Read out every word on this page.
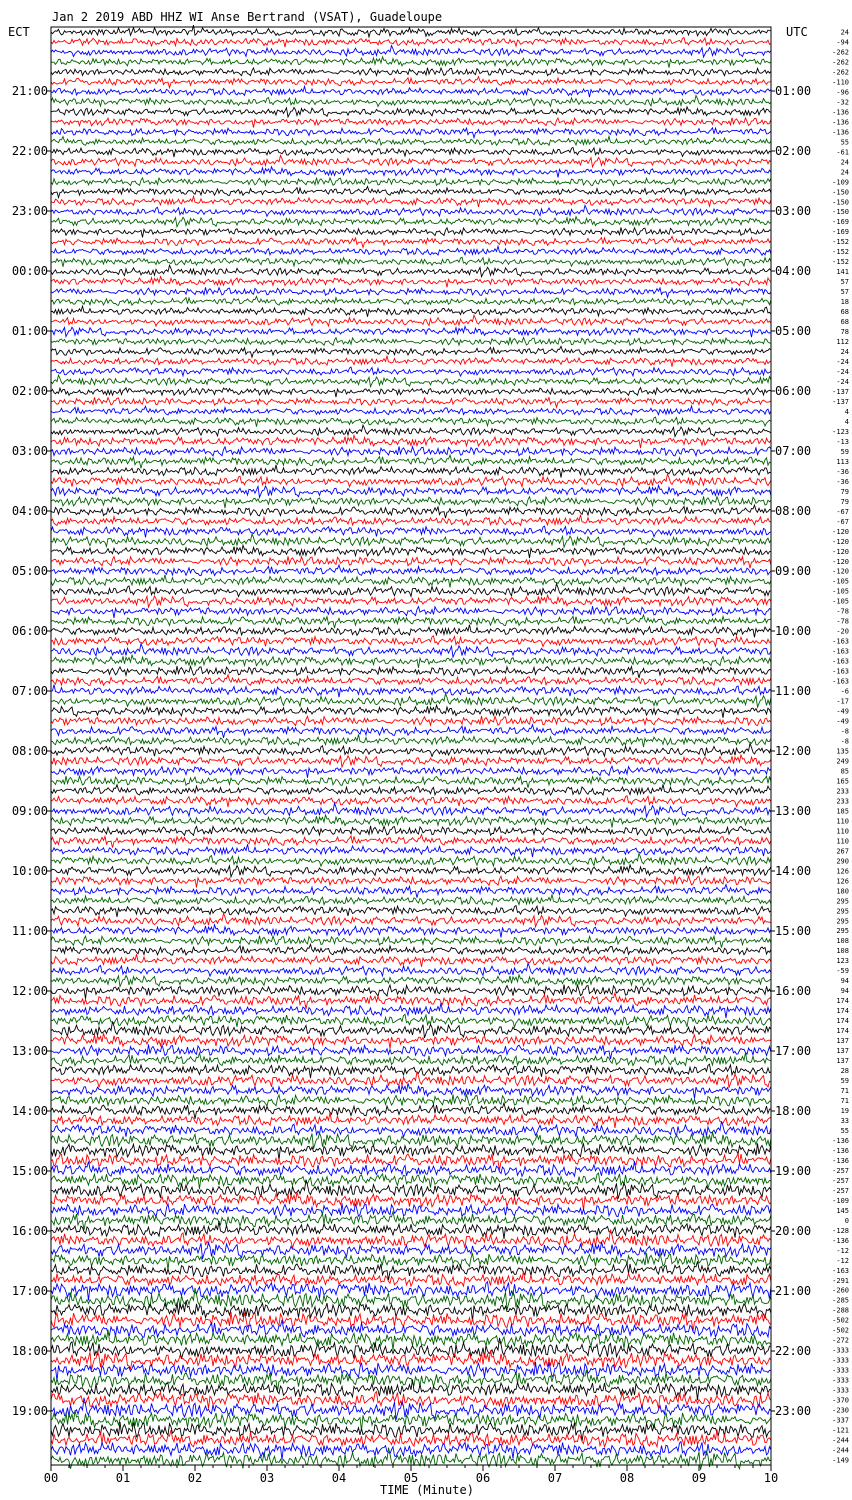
Jan 2 2019 ABD HHZ WI Anse Bertrand (VSAT), Guadeloupe
ECT	UTC	24
-94
-262
-262
-262
-110
-96
-32
-136
-136
-136
55
-61
24
24
-109
-150
-150
-150
-169
-169
-152
-152
-152
141
57
57
18
68
68
78
112
24
-24
-24
-24
-137
-137
4
4
-123
-13
59
113
-36
-36
79
79
-67
-67
-120
-120
-120
-120
-120
-105
-105
-105
-78
-78
-20
-163
-163
-163
-163
-163
-6
-17
-49
-49
-8
-8
135
249
85
165
233
233
185
110
110
110
267
290
126
126
180
295
295
295
295
108
108
123
-59
94
94
174
174
174
174
137
137
137
28
59
71
71
19
33
55
-136
-136
-136
-257
-257
-257
-109
145
0
-128
-136
-12
-12
-163
-291
-260
-285
-288
-502
-502
-272
-333
-333
-333
-333
-333
-370
-230
-337
-121
-244
-244
-149
21:00
22:00
23:00
00:00
01:00
02:00
03:00
04:00
05:00
06:00
07:00
08:00
09:00
10:00
11:00
12:00
13:00
14:00
15:00
16:00
17:00
18:00
19:00
01:00
02:00
03:00
04:00
05:00
06:00
07:00
08:00
09:00
10:00
11:00
12:00
13:00
14:00
15:00
16:00
17:00
18:00
19:00
20:00
21:00
22:00
23:00
00	01	02	03	04	05	06	07	08	09	10
TIME (Minute)
